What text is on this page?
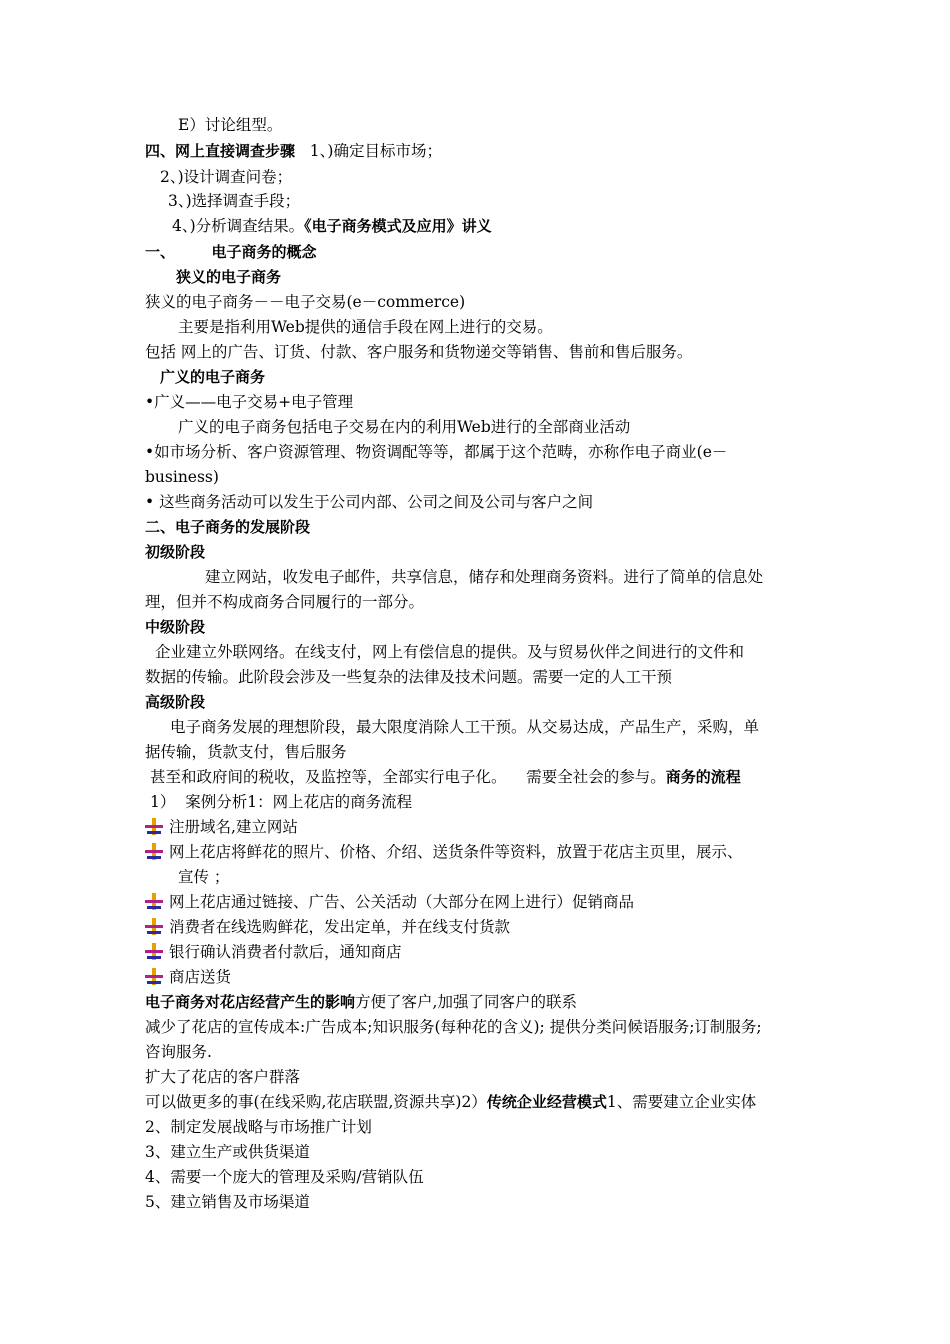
E）讨论组型。
四、网上直接调查步骤   1、)确定目标市场；
2、)设计调查问卷；
3、)选择调查手段；
4、)分析调查结果。《电子商务模式及应用》讲义
一、       电子商务的概念
狭义的电子商务
狭义的电子商务－－电子交易(e－commerce)
主要是指利用Web提供的通信手段在网上进行的交易。
包括 网上的广告、订货、付款、客户服务和货物递交等销售、售前和售后服务。
广义的电子商务
•广义——电子交易+电子管理
广义的电子商务包括电子交易在内的利用Web进行的全部商业活动
•如市场分析、客户资源管理、物资调配等等，都属于这个范畴，亦称作电子商业(e－
business)
• 这些商务活动可以发生于公司内部、公司之间及公司与客户之间
二、电子商务的发展阶段
初级阶段
建立网站，收发电子邮件，共享信息，储存和处理商务资料。进行了简单的信息处
理，但并不构成商务合同履行的一部分。
中级阶段
企业建立外联网络。在线支付，网上有偿信息的提供。及与贸易伙伴之间进行的文件和
数据的传输。此阶段会涉及一些复杂的法律及技术问题。需要一定的人工干预
高级阶段
电子商务发展的理想阶段，最大限度消除人工干预。从交易达成，产品生产，采购，单
据传输，货款支付，售后服务
甚至和政府间的税收，及监控等，全部实行电子化。    需要全社会的参与。商务的流程
1）  案例分析1：网上花店的商务流程
注册域名,建立网站
网上花店将鲜花的照片、价格、介绍、送货条件等资料，放置于花店主页里，展示、
宣传 ；
网上花店通过链接、广告、公关活动（大部分在网上进行）促销商品
消费者在线选购鲜花，发出定单，并在线支付货款
银行确认消费者付款后，通知商店
商店送货
电子商务对花店经营产生的影响方便了客户,加强了同客户的联系
减少了花店的宣传成本:广告成本;知识服务(每种花的含义); 提供分类问候语服务;订制服务;
咨询服务.
扩大了花店的客户群落
可以做更多的事(在线采购,花店联盟,资源共享)2）传统企业经营模式1、需要建立企业实体
2、制定发展战略与市场推广计划
3、建立生产或供货渠道
4、需要一个庞大的管理及采购/营销队伍
5、建立销售及市场渠道
